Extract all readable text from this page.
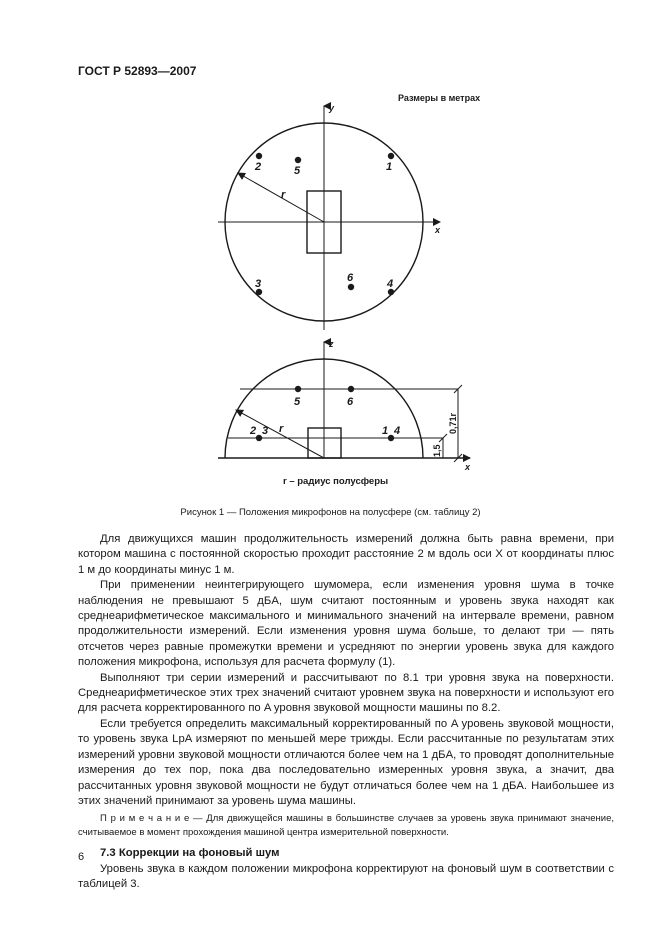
ГОСТ Р 52893—2007
Размеры в метрах
y
x
r
2	5	1
3	6	4
z
x
r
5	6
2 3	1 4	0,71r
1,5
r – радиус полусферы
Рисунок 1 — Положения микрофонов на полусфере (см. таблицу 2)

Для движущихся машин продолжительность измерений должна быть равна времени, при котором машина с постоянной скоростью проходит расстояние 2 м вдоль оси X от координаты плюс 1 м до координаты минус 1 м.

При применении неинтегрирующего шумомера, если изменения уровня шума в точке наблюдения не превышают 5 дБA, шум считают постоянным и уровень звука находят как среднеарифметическое максимального и минимального значений на интервале времени, равном продолжительности измерений. Если изменения уровня шума больше, то делают три — пять отсчетов через равные промежутки времени и усредняют по энергии уровень звука для каждого положения микрофона, используя для расчета формулу (1).

Выполняют три серии измерений и рассчитывают по 8.1 три уровня звука на поверхности. Среднеарифметическое этих трех значений считают уровнем звука на поверхности и используют его для расчета корректированного по A уровня звуковой мощности машины по 8.2.

Если требуется определить максимальный корректированный по A уровень звуковой мощности, то уровень звука LpA измеряют по меньшей мере трижды. Если рассчитанные по результатам этих измерений уровни звуковой мощности отличаются более чем на 1 дБA, то проводят дополнительные измерения до тех пор, пока два последовательно измеренных уровня звука, а значит, два рассчитанных уровня звуковой мощности не будут отличаться более чем на 1 дБA. Наибольшее из этих значений принимают за уровень шума машины.

П р и м е ч а н и е — Для движущейся машины в большинстве случаев за уровень звука принимают значение, считываемое в момент прохождения машиной центра измерительной поверхности.

7.3 Коррекции на фоновый шум

Уровень звука в каждом положении микрофона корректируют на фоновый шум в соответствии с таблицей 3.

6
